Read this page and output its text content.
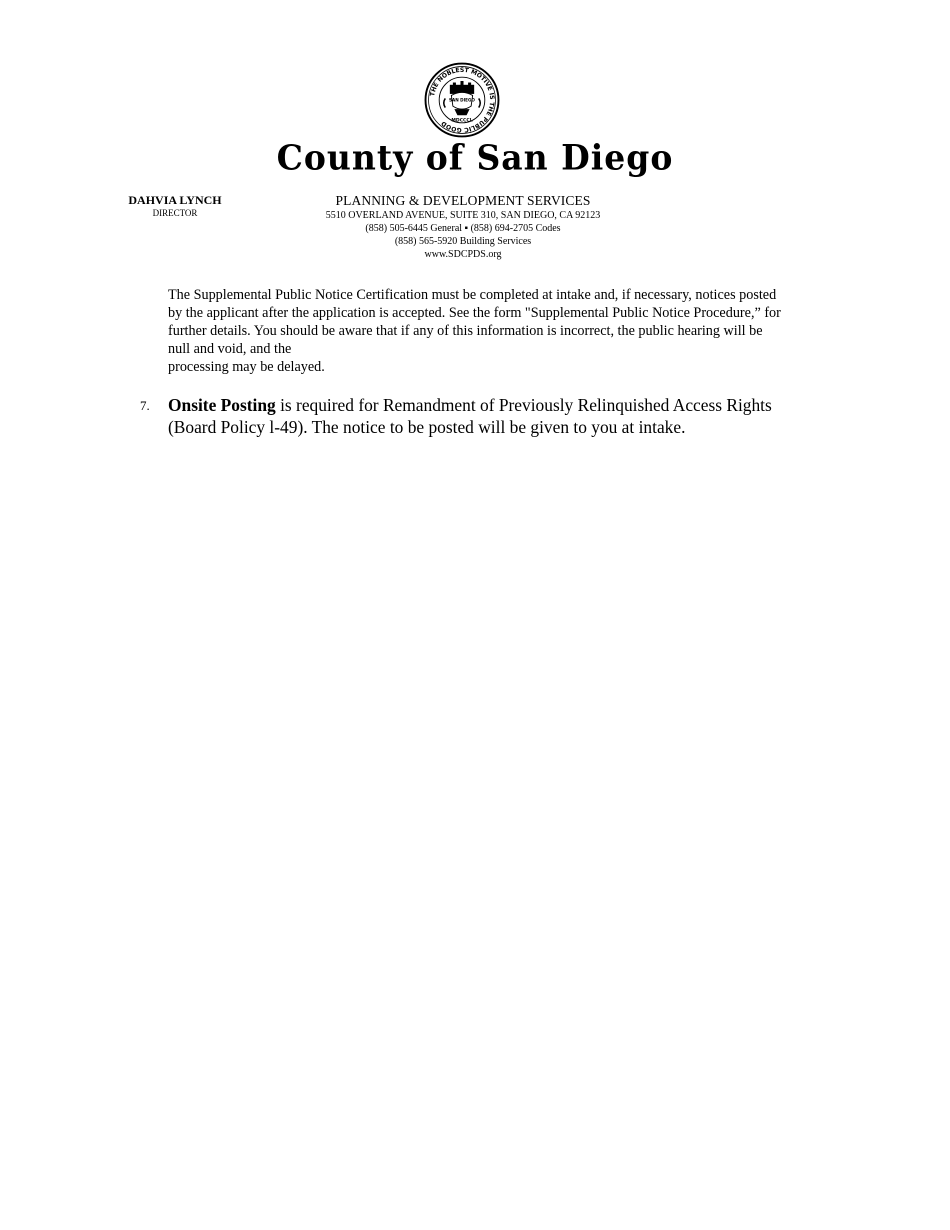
THE NOBLEST MOTIVE IS THE PUBLIC GOOD
SAN DIEGO
MDCCCL
County of San Diego
DAHVIA LYNCH
DIRECTOR
PLANNING & DEVELOPMENT SERVICES
5510 OVERLAND AVENUE, SUITE 310, SAN DIEGO, CA 92123
(858) 505-6445 General ▪ (858) 694-2705 Codes
(858) 565-5920 Building Services
www.SDCPDS.org

The Supplemental Public Notice Certification must be completed at intake and, if necessary, notices posted

by the applicant after the application is accepted. See the form "Supplemental Public Notice Procedure,” for

further details. You should be aware that if any of this information is incorrect, the public hearing will be

null and void, and the

processing may be delayed.

7. Onsite Posting is required for Remandment of Previously Relinquished Access Rights
(Board Policy l-49). The notice to be posted will be given to you at intake.
